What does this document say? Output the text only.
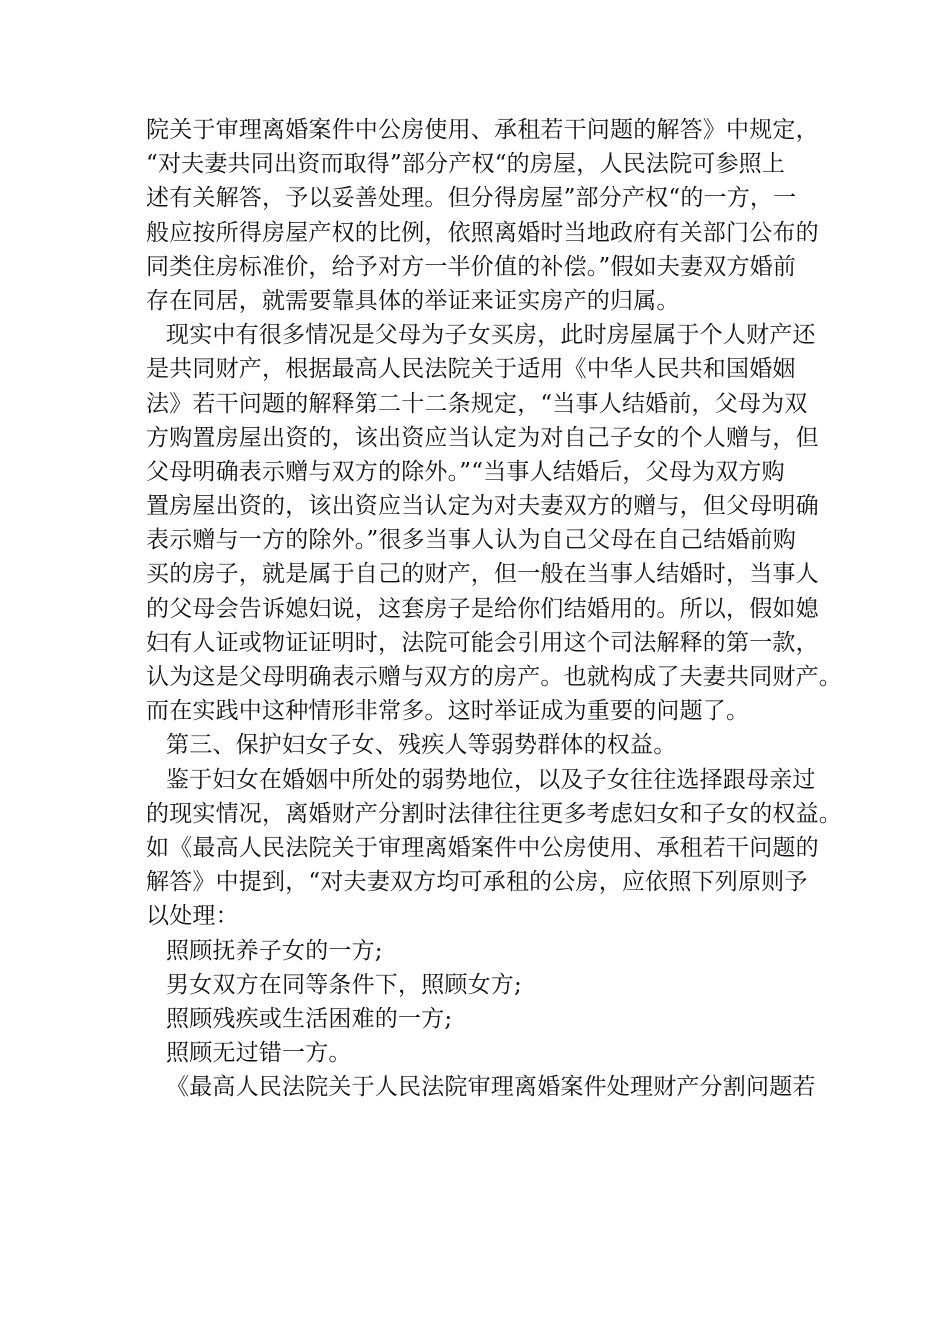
院关于审理离婚案件中公房使用、承租若干问题的解答》中规定，
“对夫妻共同出资而取得”部分产权“的房屋，人民法院可参照上
述有关解答，予以妥善处理。但分得房屋”部分产权“的一方，一
般应按所得房屋产权的比例，依照离婚时当地政府有关部门公布的
同类住房标准价，给予对方一半价值的补偿。”假如夫妻双方婚前
存在同居，就需要靠具体的举证来证实房产的归属。
现实中有很多情况是父母为子女买房，此时房屋属于个人财产还
是共同财产，根据最高人民法院关于适用《中华人民共和国婚姻
法》若干问题的解释第二十二条规定，“当事人结婚前，父母为双
方购置房屋出资的，该出资应当认定为对自己子女的个人赠与，但
父母明确表示赠与双方的除外。”“当事人结婚后，父母为双方购
置房屋出资的，该出资应当认定为对夫妻双方的赠与，但父母明确
表示赠与一方的除外。”很多当事人认为自己父母在自己结婚前购
买的房子，就是属于自己的财产，但一般在当事人结婚时，当事人
的父母会告诉媳妇说，这套房子是给你们结婚用的。所以，假如媳
妇有人证或物证证明时，法院可能会引用这个司法解释的第一款，
认为这是父母明确表示赠与双方的房产。也就构成了夫妻共同财产。
而在实践中这种情形非常多。这时举证成为重要的问题了。
第三、保护妇女子女、残疾人等弱势群体的权益。
鉴于妇女在婚姻中所处的弱势地位，以及子女往往选择跟母亲过
的现实情况，离婚财产分割时法律往往更多考虑妇女和子女的权益。
如《最高人民法院关于审理离婚案件中公房使用、承租若干问题的
解答》中提到，“对夫妻双方均可承租的公房，应依照下列原则予
以处理：
照顾抚养子女的一方;
男女双方在同等条件下，照顾女方;
照顾残疾或生活困难的一方;
照顾无过错一方。
《最高人民法院关于人民法院审理离婚案件处理财产分割问题若
